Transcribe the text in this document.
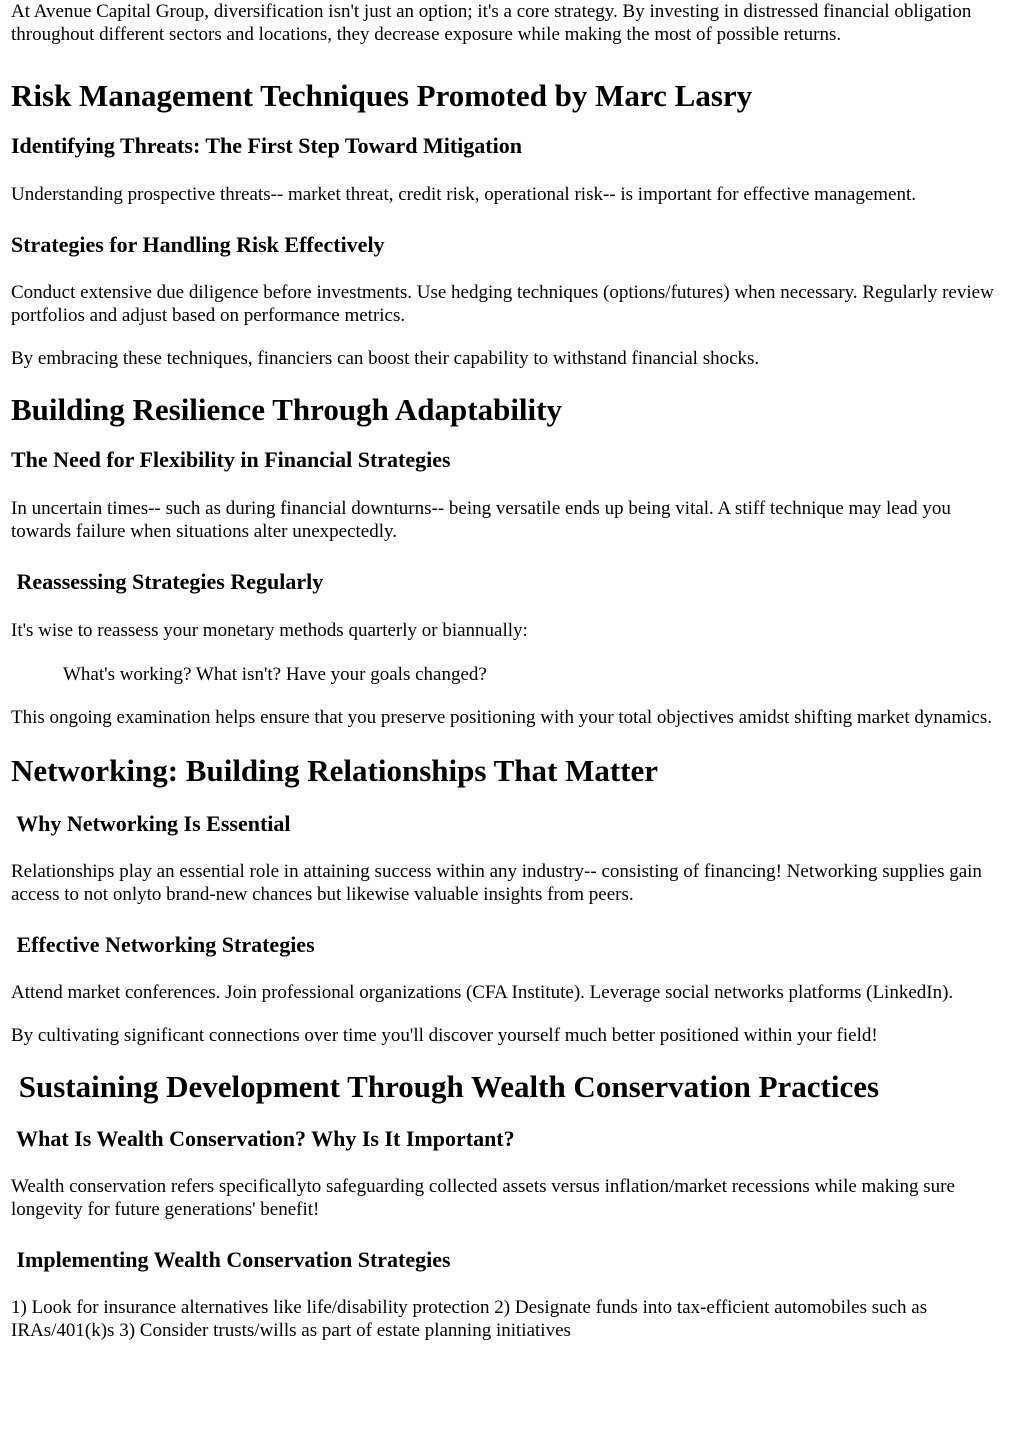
At Avenue Capital Group, diversification isn't just an option; it's a core strategy. By investing in distressed financial obligation throughout different sectors and locations, they decrease exposure while making the most of possible returns.

Risk Management Techniques Promoted by Marc Lasry
Identifying Threats: The First Step Toward Mitigation

Understanding prospective threats-- market threat, credit risk, operational risk-- is important for effective management.

Strategies for Handling Risk Effectively

Conduct extensive due diligence before investments. Use hedging techniques (options/futures) when necessary. Regularly review portfolios and adjust based on performance metrics.

By embracing these techniques, financiers can boost their capability to withstand financial shocks.

Building Resilience Through Adaptability
The Need for Flexibility in Financial Strategies

In uncertain times-- such as during financial downturns-- being versatile ends up being vital. A stiff technique may lead you towards failure when situations alter unexpectedly.

Reassessing Strategies Regularly

It's wise to reassess your monetary methods quarterly or biannually:

What's working? What isn't? Have your goals changed?

This ongoing examination helps ensure that you preserve positioning with your total objectives amidst shifting market dynamics.

Networking: Building Relationships That Matter
Why Networking Is Essential

Relationships play an essential role in attaining success within any industry-- consisting of financing! Networking supplies gain access to not onlyto brand-new chances but likewise valuable insights from peers.

Effective Networking Strategies

Attend market conferences. Join professional organizations (CFA Institute). Leverage social networks platforms (LinkedIn).

By cultivating significant connections over time you'll discover yourself much better positioned within your field!

Sustaining Development Through Wealth Conservation Practices
What Is Wealth Conservation? Why Is It Important?

Wealth conservation refers specificallyto safeguarding collected assets versus inflation/market recessions while making sure longevity for future generations' benefit!

Implementing Wealth Conservation Strategies

1) Look for insurance alternatives like life/disability protection 2) Designate funds into tax-efficient automobiles such as IRAs/401(k)s 3) Consider trusts/wills as part of estate planning initiatives
